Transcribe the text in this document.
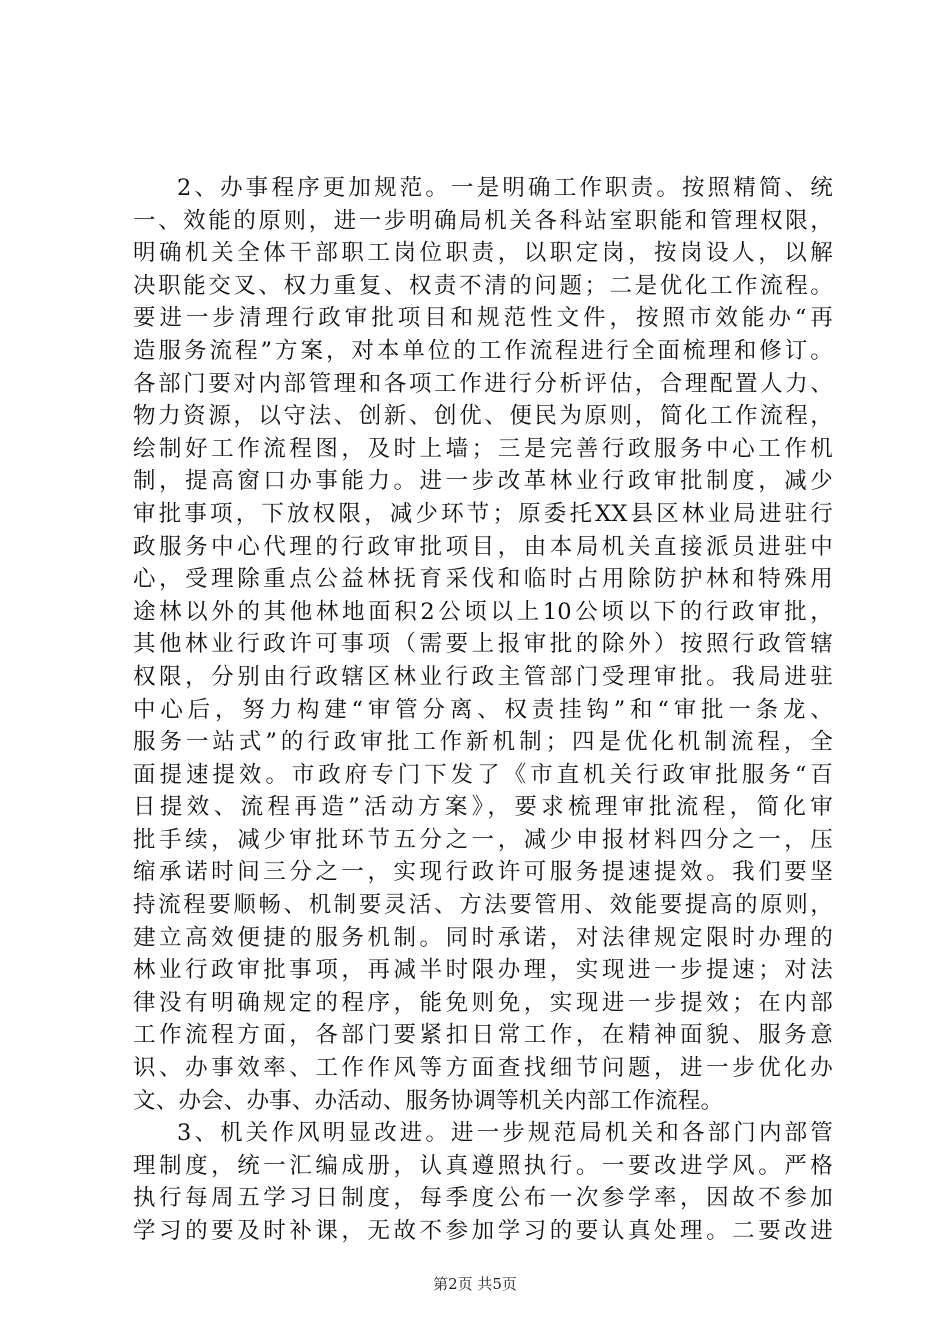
2、办事程序更加规范。一是明确工作职责。按照精简、统
一、效能的原则，进一步明确局机关各科站室职能和管理权限，
明确机关全体干部职工岗位职责，以职定岗，按岗设人，以解
决职能交叉、权力重复、权责不清的问题；二是优化工作流程。
要进一步清理行政审批项目和规范性文件，按照市效能办“再
造服务流程”方案，对本单位的工作流程进行全面梳理和修订。
各部门要对内部管理和各项工作进行分析评估，合理配置人力、
物力资源，以守法、创新、创优、便民为原则，简化工作流程，
绘制好工作流程图，及时上墙；三是完善行政服务中心工作机
制，提高窗口办事能力。进一步改革林业行政审批制度，减少
审批事项，下放权限，减少环节；原委托XX县区林业局进驻行
政服务中心代理的行政审批项目，由本局机关直接派员进驻中
心，受理除重点公益林抚育采伐和临时占用除防护林和特殊用
途林以外的其他林地面积2公顷以上10公顷以下的行政审批，
其他林业行政许可事项（需要上报审批的除外）按照行政管辖
权限，分别由行政辖区林业行政主管部门受理审批。我局进驻
中心后，努力构建“审管分离、权责挂钩”和“审批一条龙、
服务一站式”的行政审批工作新机制；四是优化机制流程，全
面提速提效。市政府专门下发了《市直机关行政审批服务“百
日提效、流程再造”活动方案》，要求梳理审批流程，简化审
批手续，减少审批环节五分之一，减少申报材料四分之一，压
缩承诺时间三分之一，实现行政许可服务提速提效。我们要坚
持流程要顺畅、机制要灵活、方法要管用、效能要提高的原则，
建立高效便捷的服务机制。同时承诺，对法律规定限时办理的
林业行政审批事项，再减半时限办理，实现进一步提速；对法
律没有明确规定的程序，能免则免，实现进一步提效；在内部
工作流程方面，各部门要紧扣日常工作，在精神面貌、服务意
识、办事效率、工作作风等方面查找细节问题，进一步优化办
文、办会、办事、办活动、服务协调等机关内部工作流程。
3、机关作风明显改进。进一步规范局机关和各部门内部管
理制度，统一汇编成册，认真遵照执行。一要改进学风。严格
执行每周五学习日制度，每季度公布一次参学率，因故不参加
学习的要及时补课，无故不参加学习的要认真处理。二要改进
第2页 共5页
